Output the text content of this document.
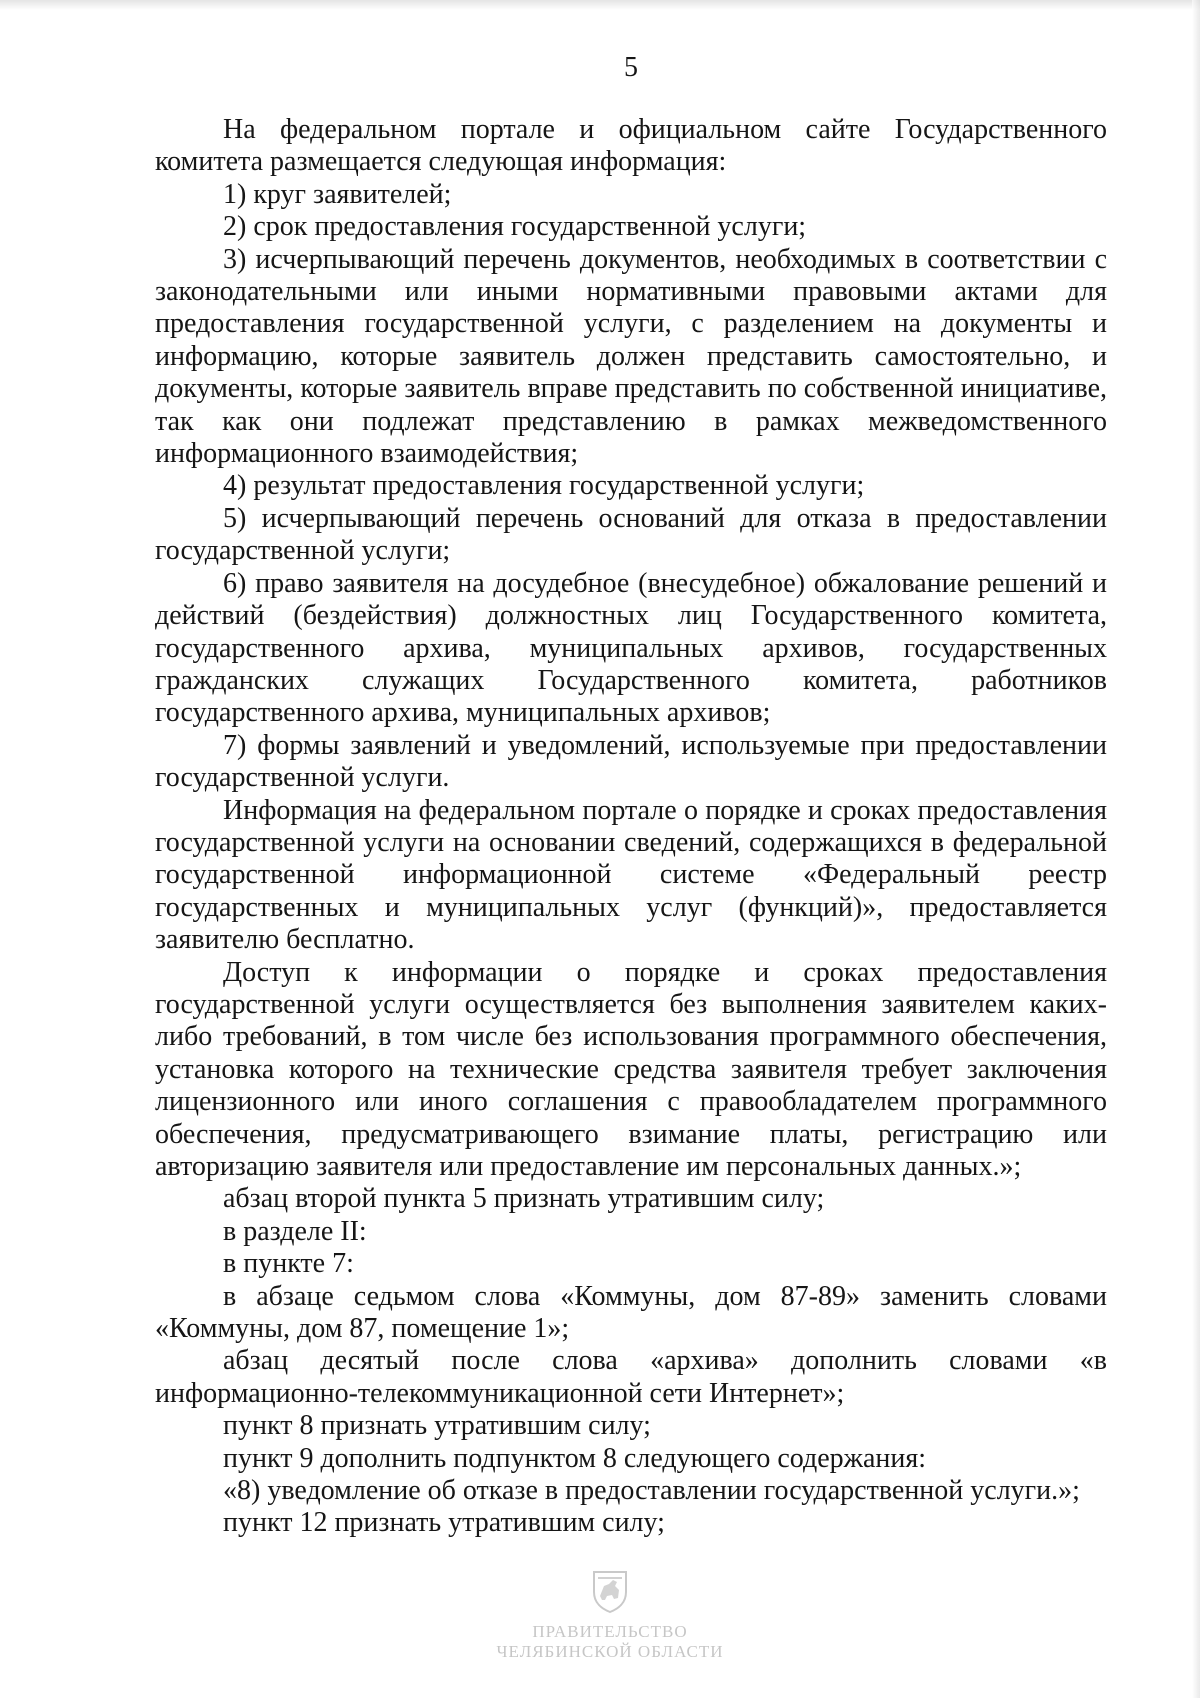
5

На федеральном портале и официальном сайте Государственного комитета размещается следующая информация:

1) круг заявителей;

2) срок предоставления государственной услуги;

3) исчерпывающий перечень документов, необходимых в соответствии с законодательными или иными нормативными правовыми актами для предоставления государственной услуги, с разделением на документы и информацию, которые заявитель должен представить самостоятельно, и документы, которые заявитель вправе представить по собственной инициативе, так как они подлежат представлению в рамках межведомственного информационного взаимодействия;

4) результат предоставления государственной услуги;

5) исчерпывающий перечень оснований для отказа в предоставлении государственной услуги;

6) право заявителя на досудебное (внесудебное) обжалование решений и действий (бездействия) должностных лиц Государственного комитета, государственного архива, муниципальных архивов, государственных гражданских служащих Государственного комитета, работников государственного архива, муниципальных архивов;

7) формы заявлений и уведомлений, используемые при предоставлении государственной услуги.

Информация на федеральном портале о порядке и сроках предоставления государственной услуги на основании сведений, содержащихся в федеральной государственной информационной системе «Федеральный реестр государственных и муниципальных услуг (функций)», предоставляется заявителю бесплатно.

Доступ к информации о порядке и сроках предоставления государственной услуги осуществляется без выполнения заявителем каких-либо требований, в том числе без использования программного обеспечения, установка которого на технические средства заявителя требует заключения лицензионного или иного соглашения с правообладателем программного обеспечения, предусматривающего взимание платы, регистрацию или авторизацию заявителя или предоставление им персональных данных.»;

абзац второй пункта 5 признать утратившим силу;

в разделе II:

в пункте 7:

в абзаце седьмом слова «Коммуны, дом 87-89» заменить словами «Коммуны, дом 87, помещение 1»;

абзац десятый после слова «архива» дополнить словами «в информационно-телекоммуникационной сети Интернет»;

пункт 8 признать утратившим силу;

пункт 9 дополнить подпунктом 8 следующего содержания:

«8) уведомление об отказе в предоставлении государственной услуги.»;

пункт 12 признать утратившим силу;

ПРАВИТЕЛЬСТВО
ЧЕЛЯБИНСКОЙ ОБЛАСТИ
